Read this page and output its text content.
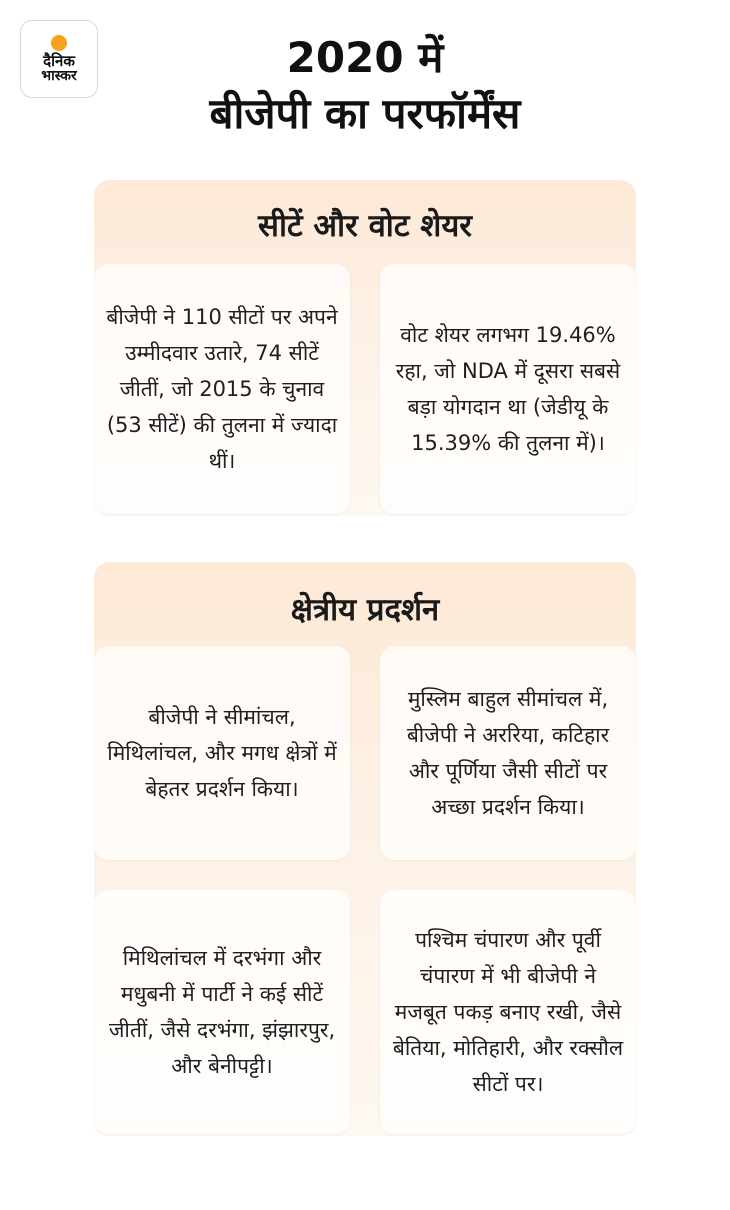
दैनिक
भास्कर	2020 में
बीजेपी का परफॉर्मेंस
सीटें और वोट शेयर
बीजेपी ने 110 सीटों पर अपने उम्मीदवार उतारे, 74 सीटें जीतीं, जो 2015 के चुनाव (53 सीटें) की तुलना में ज्यादा थीं।
वोट शेयर लगभग 19.46% रहा, जो NDA में दूसरा सबसे बड़ा योगदान था (जेडीयू के 15.39% की तुलना में)।
क्षेत्रीय प्रदर्शन
बीजेपी ने सीमांचल, मिथिलांचल, और मगध क्षेत्रों में बेहतर प्रदर्शन किया।
मुस्लिम बाहुल सीमांचल में, बीजेपी ने अररिया, कटिहार और पूर्णिया जैसी सीटों पर अच्छा प्रदर्शन किया।
मिथिलांचल में दरभंगा और मधुबनी में पार्टी ने कई सीटें जीतीं, जैसे दरभंगा, झंझारपुर, और बेनीपट्टी।
पश्चिम चंपारण और पूर्वी चंपारण में भी बीजेपी ने मजबूत पकड़ बनाए रखी, जैसे बेतिया, मोतिहारी, और रक्सौल सीटों पर।
